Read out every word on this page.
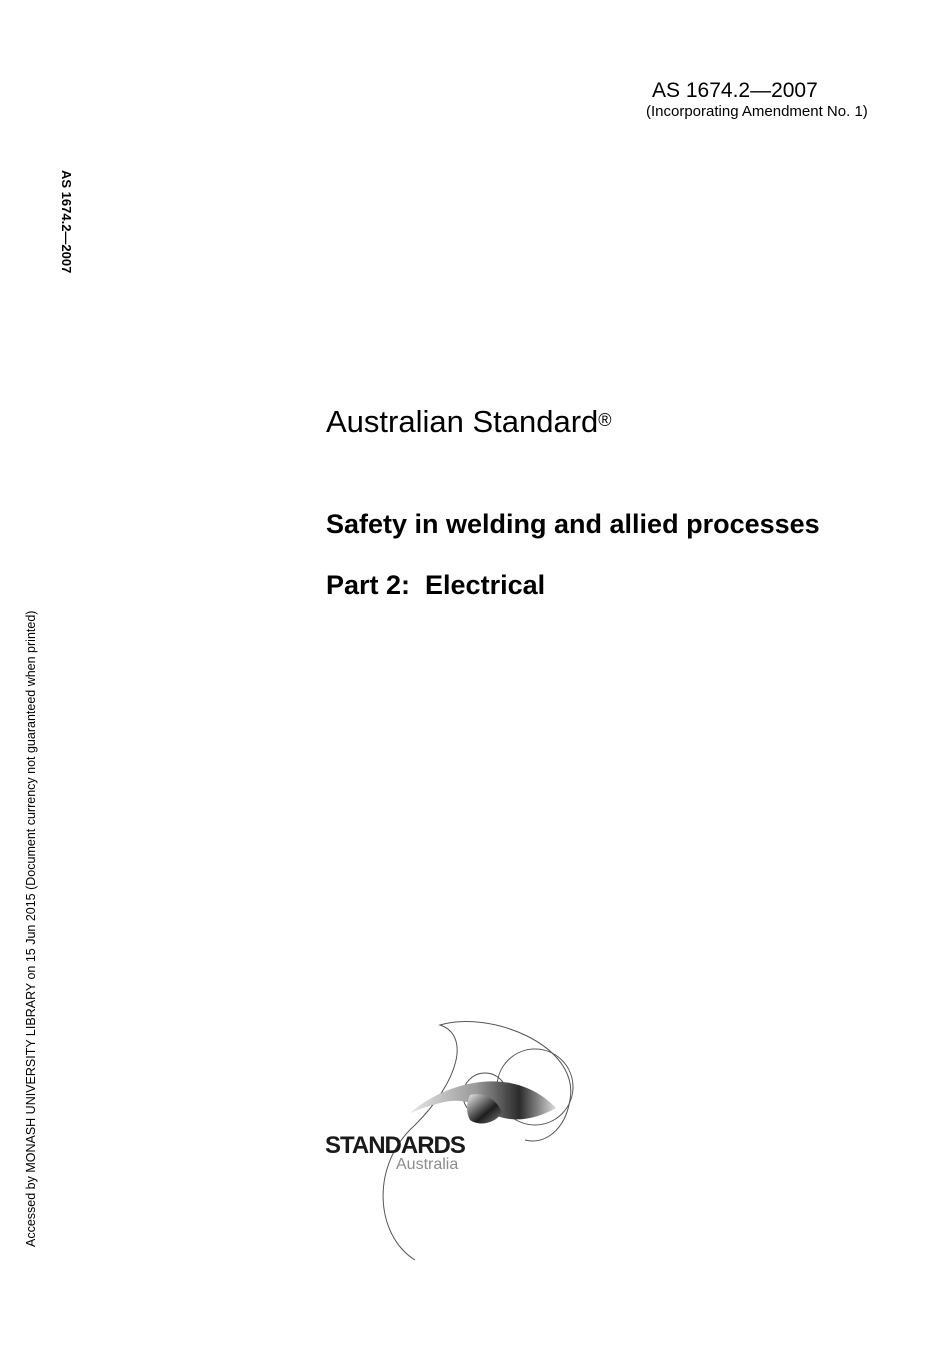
AS 1674.2—2007
(Incorporating Amendment No. 1)
AS 1674.2—2007
Accessed by MONASH UNIVERSITY LIBRARY on 15 Jun 2015 (Document currency not guaranteed when printed)
Australian Standard®
Safety in welding and allied processes
Part 2:  Electrical
STANDARDS
Australia
